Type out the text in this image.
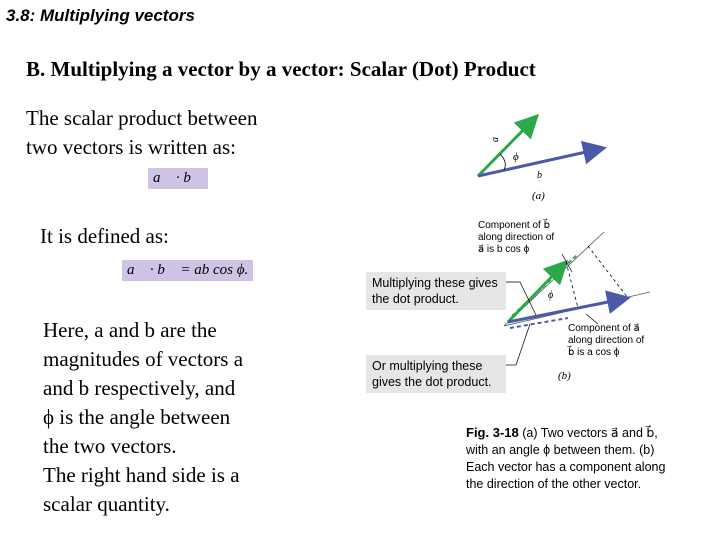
3.8: Multiplying vectors
B. Multiplying a vector by a vector: Scalar (Dot) Product
The scalar product between
two vectors is written as:
a⃗ · b⃗
It is defined as:
a⃗ · b⃗ = ab cos ϕ.
Here, a and b are the
magnitudes of vectors a
and b respectively, and
ϕ is the angle between
the two vectors.
The right hand side is a
scalar quantity.
a⃗
ϕ
b⃗
ϕ
(a)
(b)
Component of b⃗
along direction of
a⃗ is b cos ϕ
Component of a⃗
along direction of
b⃗ is a cos ϕ
Multiplying these gives
the dot product.
Or multiplying these
gives the dot product.
Fig. 3-18 (a) Two vectors a⃗ and b⃗, with an angle ϕ between them. (b) Each vector has a component along the direction of the other vector.
